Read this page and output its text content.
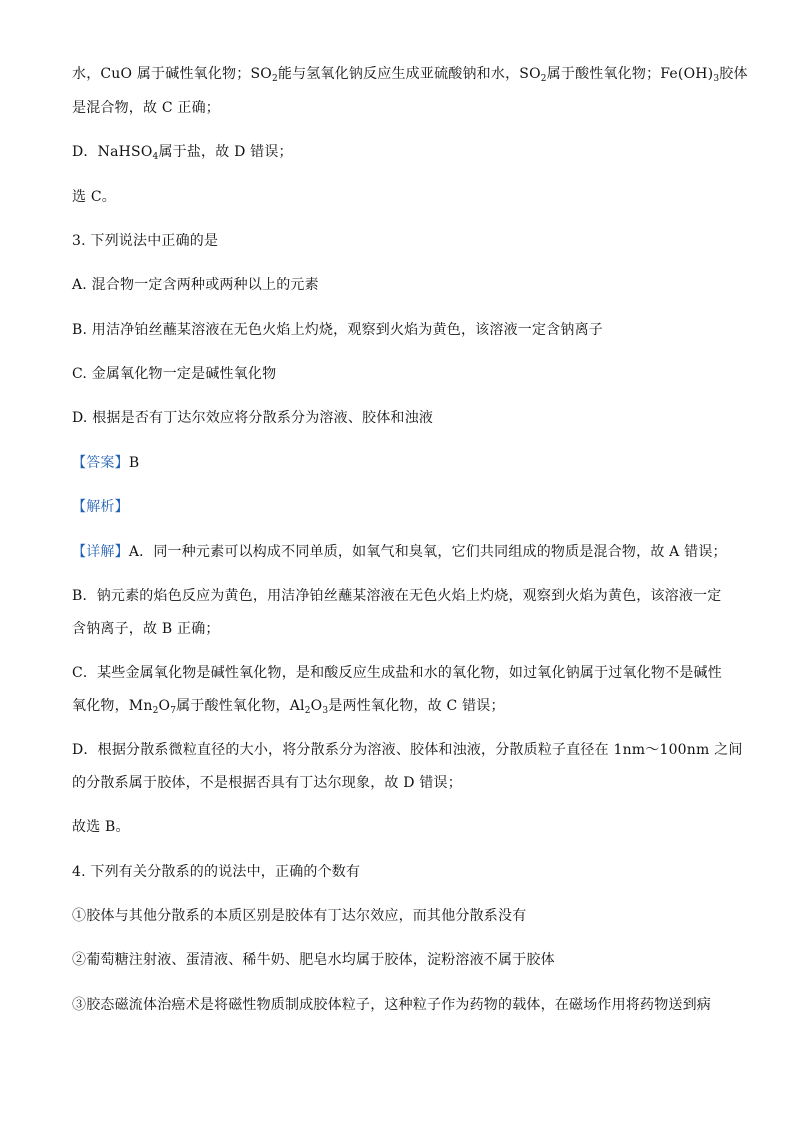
水，CuO 属于碱性氧化物；$SO_2$能与氢氧化钠反应生成亚硫酸钠和水，$SO_2$属于酸性氧化物；$Fe(OH)_3$胶体
是混合物，故 C 正确；
D．NaHSO$_4$属于盐，故 D 错误；
选 C。
3. 下列说法中正确的是
A. 混合物一定含两种或两种以上的元素
B. 用洁净铂丝蘸某溶液在无色火焰上灼烧，观察到火焰为黄色，该溶液一定含钠离子
C. 金属氧化物一定是碱性氧化物
D. 根据是否有丁达尔效应将分散系分为溶液、胶体和浊液
【答案】B
【解析】
【详解】A．同一种元素可以构成不同单质，如氧气和臭氧，它们共同组成的物质是混合物，故 A 错误；
B．钠元素的焰色反应为黄色，用洁净铂丝蘸某溶液在无色火焰上灼烧，观察到火焰为黄色，该溶液一定
含钠离子，故 B 正确；
C．某些金属氧化物是碱性氧化物，是和酸反应生成盐和水的氧化物，如过氧化钠属于过氧化物不是碱性
氧化物，$Mn_2O_7$属于酸性氧化物，$Al_2O_3$是两性氧化物，故 C 错误；
D．根据分散系微粒直径的大小，将分散系分为溶液、胶体和浊液，分散质粒子直径在 1nm～100nm 之间
的分散系属于胶体，不是根据否具有丁达尔现象，故 D 错误；
故选 B。
4. 下列有关分散系的的说法中，正确的个数有
①胶体与其他分散系的本质区别是胶体有丁达尔效应，而其他分散系没有
②葡萄糖注射液、蛋清液、稀牛奶、肥皂水均属于胶体，淀粉溶液不属于胶体
③胶态磁流体治癌术是将磁性物质制成胶体粒子，这种粒子作为药物的载体，在磁场作用将药物送到病
